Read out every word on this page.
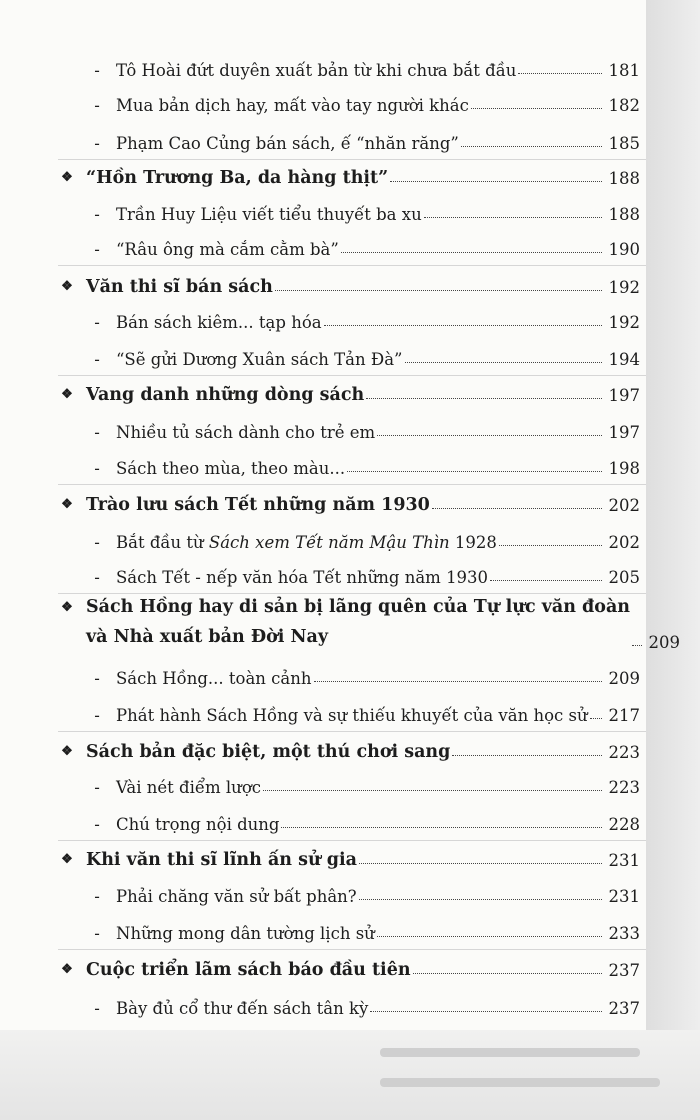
- Tô Hoài đứt duyên xuất bản từ khi chưa bắt đầu	181
- Mua bản dịch hay, mất vào tay người khác	182
- Phạm Cao Củng bán sách, ế “nhăn răng”	185
❖ “Hồn Trương Ba, da hàng thịt”	188
- Trần Huy Liệu viết tiểu thuyết ba xu	188
- “Râu ông mà cắm cằm bà”	190
❖ Văn thi sĩ bán sách	192
- Bán sách kiêm... tạp hóa	192
- “Sẽ gửi Dương Xuân sách Tản Đà”	194
❖ Vang danh những dòng sách	197
- Nhiều tủ sách dành cho trẻ em	197
- Sách theo mùa, theo màu...	198
❖ Trào lưu sách Tết những năm 1930	202
- Bắt đầu từ Sách xem Tết năm Mậu Thìn 1928	202
- Sách Tết - nếp văn hóa Tết những năm 1930	205
❖ Sách Hồng hay di sản bị lãng quên của Tự lực văn đoàn
và Nhà xuất bản Đời Nay	209
- Sách Hồng... toàn cảnh	209
- Phát hành Sách Hồng và sự thiếu khuyết của văn học sử 217
❖ Sách bản đặc biệt, một thú chơi sang	223
- Vài nét điểm lược	223
- Chú trọng nội dung	228
❖ Khi văn thi sĩ lĩnh ấn sử gia	231
- Phải chăng văn sử bất phân?	231
- Những mong dân tường lịch sử	233
❖ Cuộc triển lãm sách báo đầu tiên	237
- Bày đủ cổ thư đến sách tân kỳ	237
